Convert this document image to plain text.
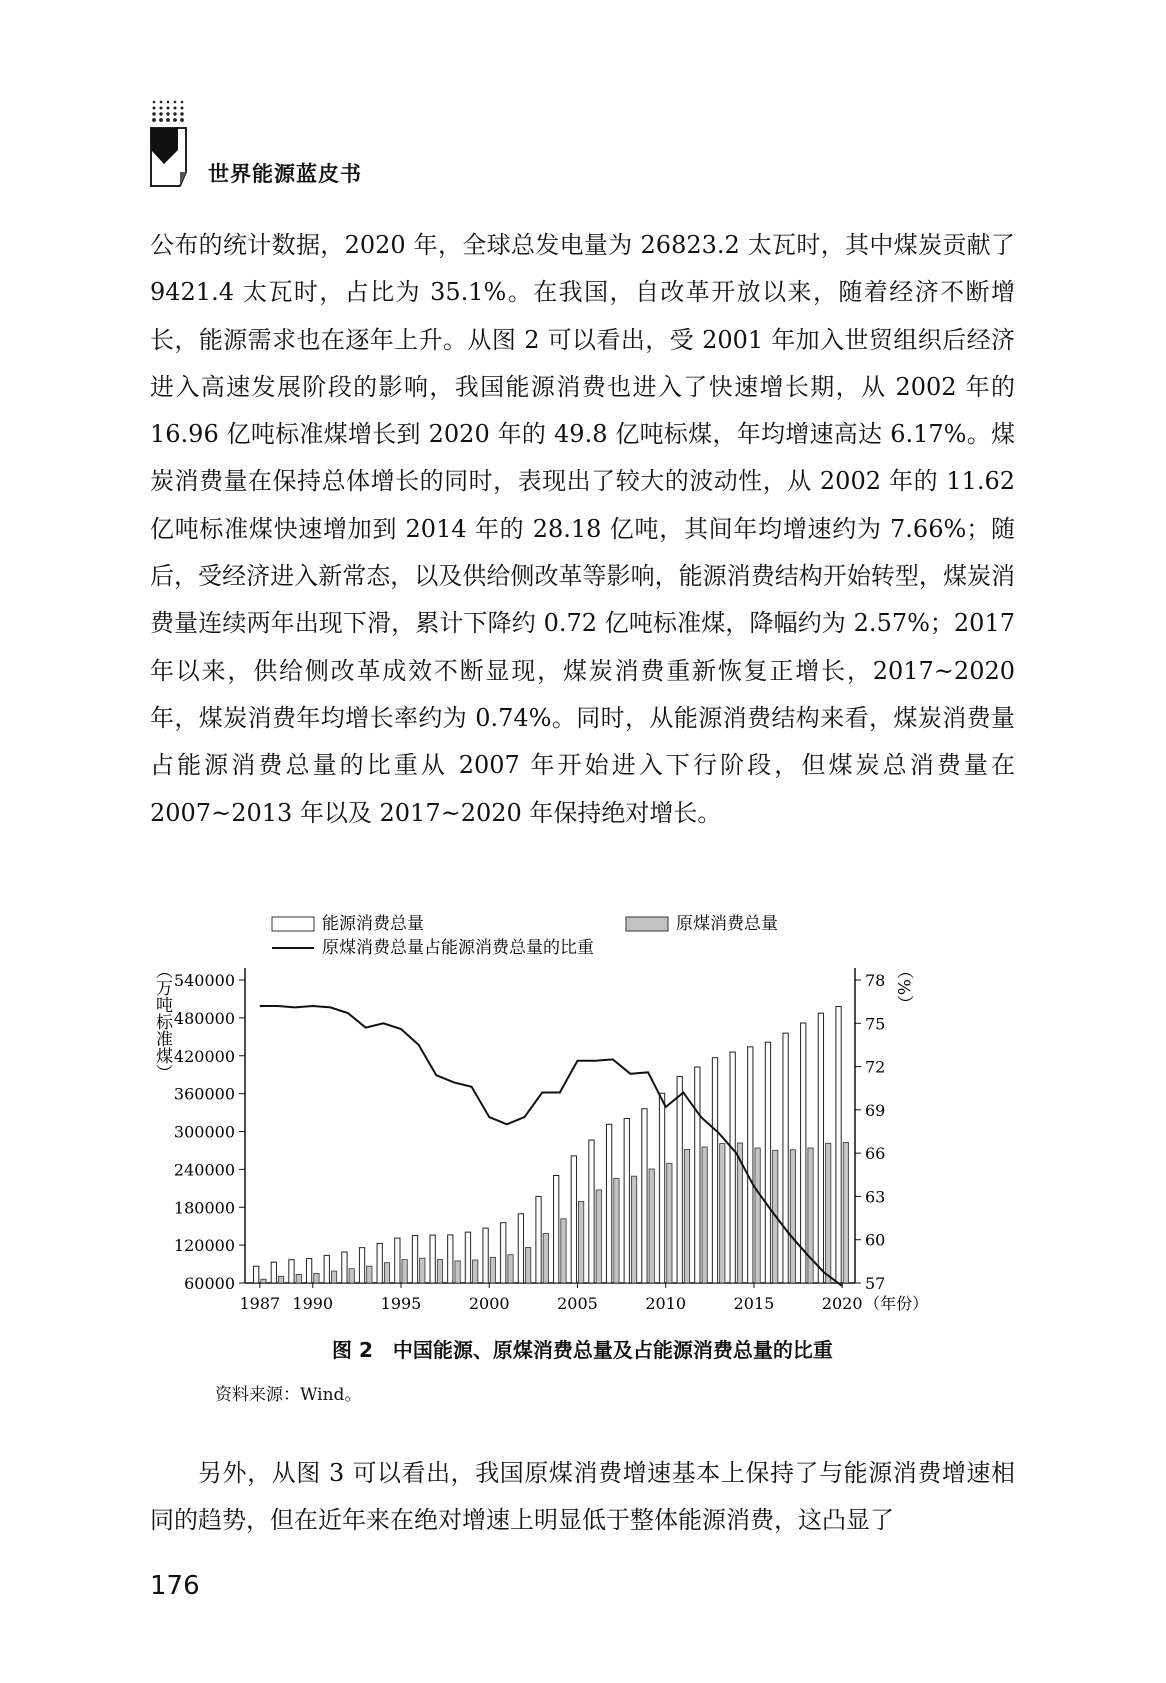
世界能源蓝皮书

公布的统计数据，2020 年，全球总发电量为 26823.2 太瓦时，其中煤炭贡献了 9421.4 太瓦时，占比为 35.1%。在我国，自改革开放以来，随着经济不断增长，能源需求也在逐年上升。从图 2 可以看出，受 2001 年加入世贸组织后经济进入高速发展阶段的影响，我国能源消费也进入了快速增长期，从 2002 年的 16.96 亿吨标准煤增长到 2020 年的 49.8 亿吨标煤，年均增速高达 6.17%。煤炭消费量在保持总体增长的同时，表现出了较大的波动性，从 2002 年的 11.62 亿吨标准煤快速增加到 2014 年的 28.18 亿吨，其间年均增速约为 7.66%；随后，受经济进入新常态，以及供给侧改革等影响，能源消费结构开始转型，煤炭消费量连续两年出现下滑，累计下降约 0.72 亿吨标准煤，降幅约为 2.57%；2017 年以来，供给侧改革成效不断显现，煤炭消费重新恢复正增长，2017~2020 年，煤炭消费年均增长率约为 0.74%。同时，从能源消费结构来看，煤炭消费量占能源消费总量的比重从 2007 年开始进入下行阶段，但煤炭总消费量在 2007~2013 年以及 2017~2020 年保持绝对增长。

能源消费总量	原煤消费总量
原煤消费总量占能源消费总量的比重
（万吨标准煤）	（%）
60000
120000
180000
240000
300000
360000
420000
480000
540000
57
60
63
66
69
72
75
78
1987 1990	1995	2000	2005	2010	2015	2020 （年份）
图 2　中国能源、原煤消费总量及占能源消费总量的比重
资料来源：Wind。

另外，从图 3 可以看出，我国原煤消费增速基本上保持了与能源消费增速相同的趋势，但在近年来在绝对增速上明显低于整体能源消费，这凸显了

176
